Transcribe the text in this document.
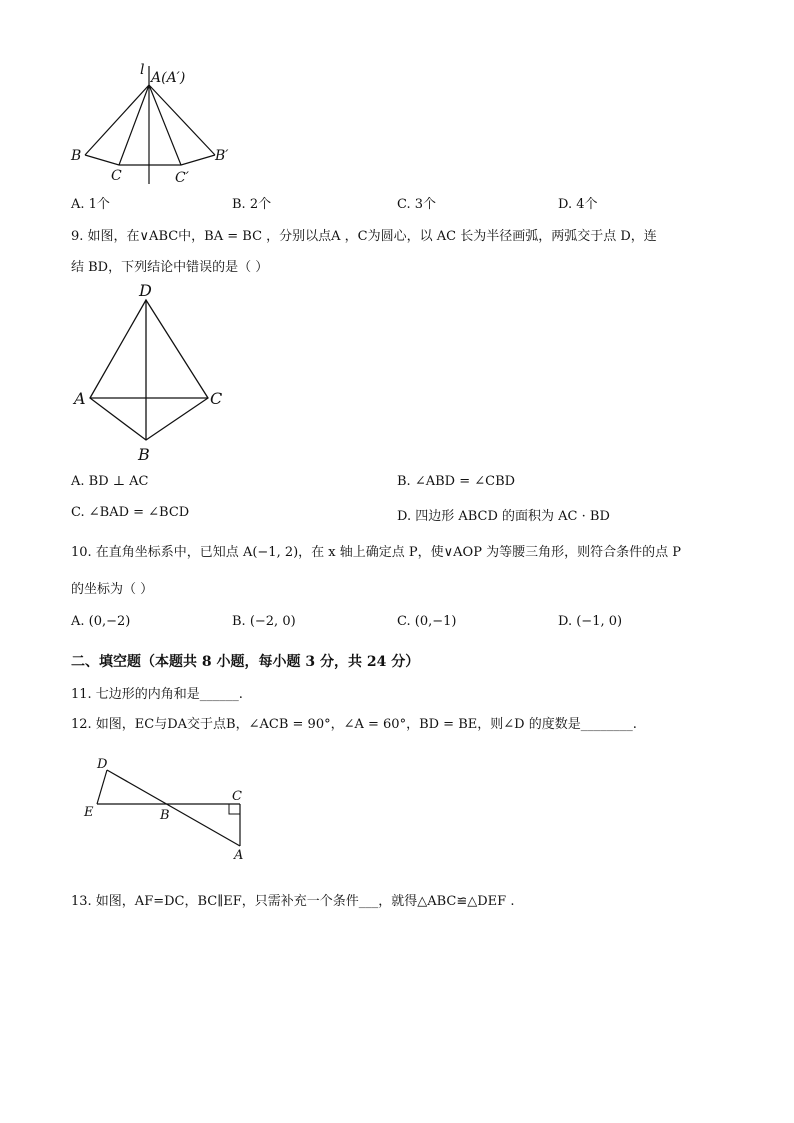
l A(A′)
B
C	C′
B′
A. 1个	B. 2个	C. 3个	D. 4个
9. 如图，在∨ABC中，BA = BC ，分别以点A ，C为圆心，以 AC 长为半径画弧，两弧交于点 D，连
结 BD，下列结论中错误的是（ ）
D
A	C
B
A. BD ⊥ AC	B. ∠ABD = ∠CBD
C. ∠BAD = ∠BCD	D. 四边形 ABCD 的面积为 AC · BD
10. 在直角坐标系中，已知点 A(−1, 2)，在 x 轴上确定点 P，使∨AOP 为等腰三角形，则符合条件的点 P
的坐标为（ ）
A. (0,−2)	B. (−2, 0)	C. (0,−1)	D. (−1, 0)
二、填空题（本题共 8 小题，每小题 3 分，共 24 分）
11. 七边形的内角和是______.
12. 如图，EC与DA交于点B，∠ACB = 90°，∠A = 60°，BD = BE，则∠D 的度数是________.
D
C
E	B
A
13. 如图，AF=DC，BC∥EF，只需补充一个条件___，就得△ABC≌△DEF .
